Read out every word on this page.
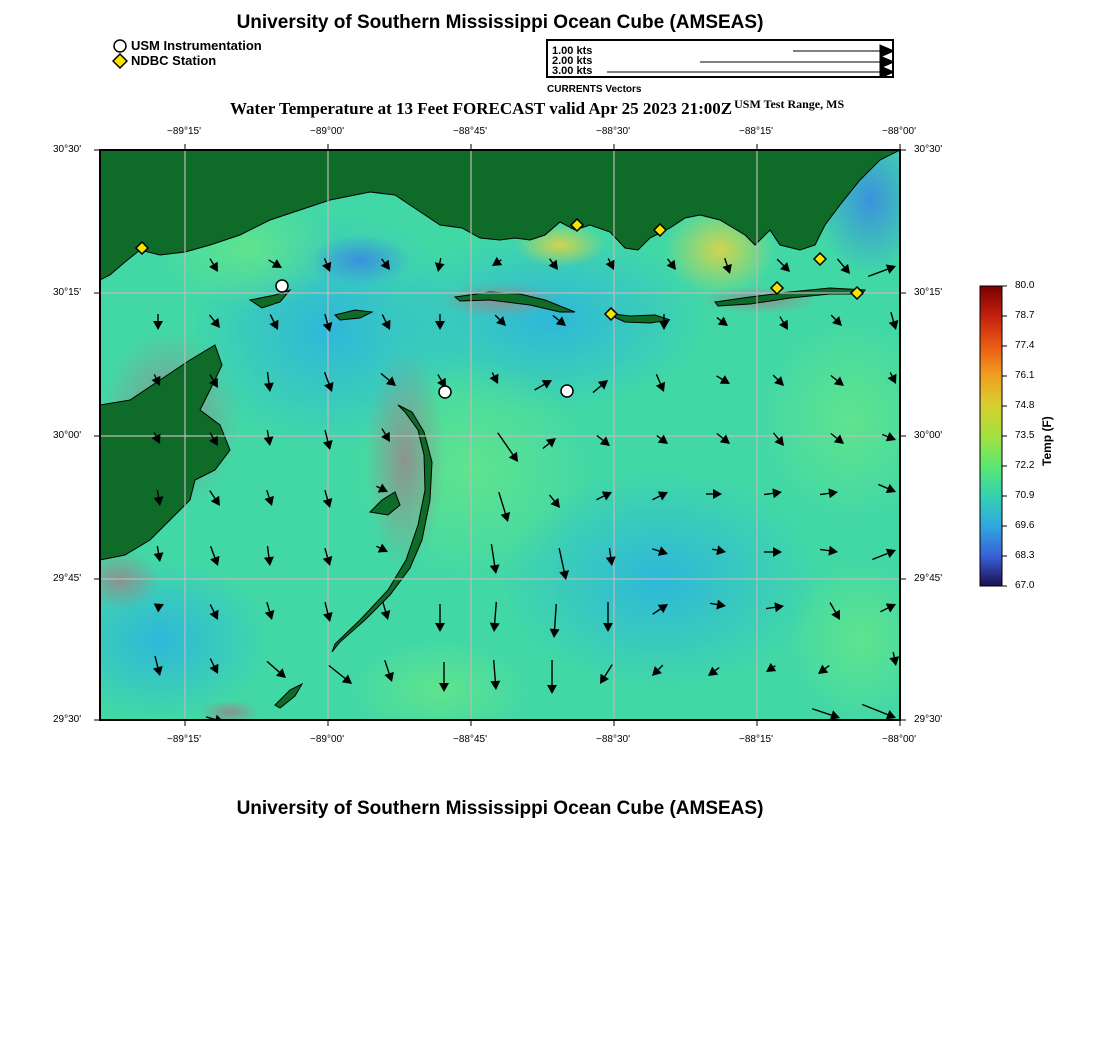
University of Southern Mississippi Ocean Cube (AMSEAS)
USM Instrumentation
NDBC Station
1.00 kts
2.00 kts
3.00 kts
CURRENTS Vectors
Water Temperature at 13 Feet FORECAST valid Apr 25 2023 21:00Z $^{USM Test Range, MS}$
−89°15'	−89°00'	−88°45'	−88°30'	−88°15'	−88°00'
−89°15'	−89°00'	−88°45'	−88°30'	−88°15'	−88°00'
30°30'
30°15'
30°00'
29°45'
29°30'
30°30'
30°15'
30°00'
29°45'
29°30'
80.0
78.7
77.4
76.1
74.8
73.5
72.2
70.9
69.6
68.3
67.0
Temp (F)
University of Southern Mississippi Ocean Cube (AMSEAS)
